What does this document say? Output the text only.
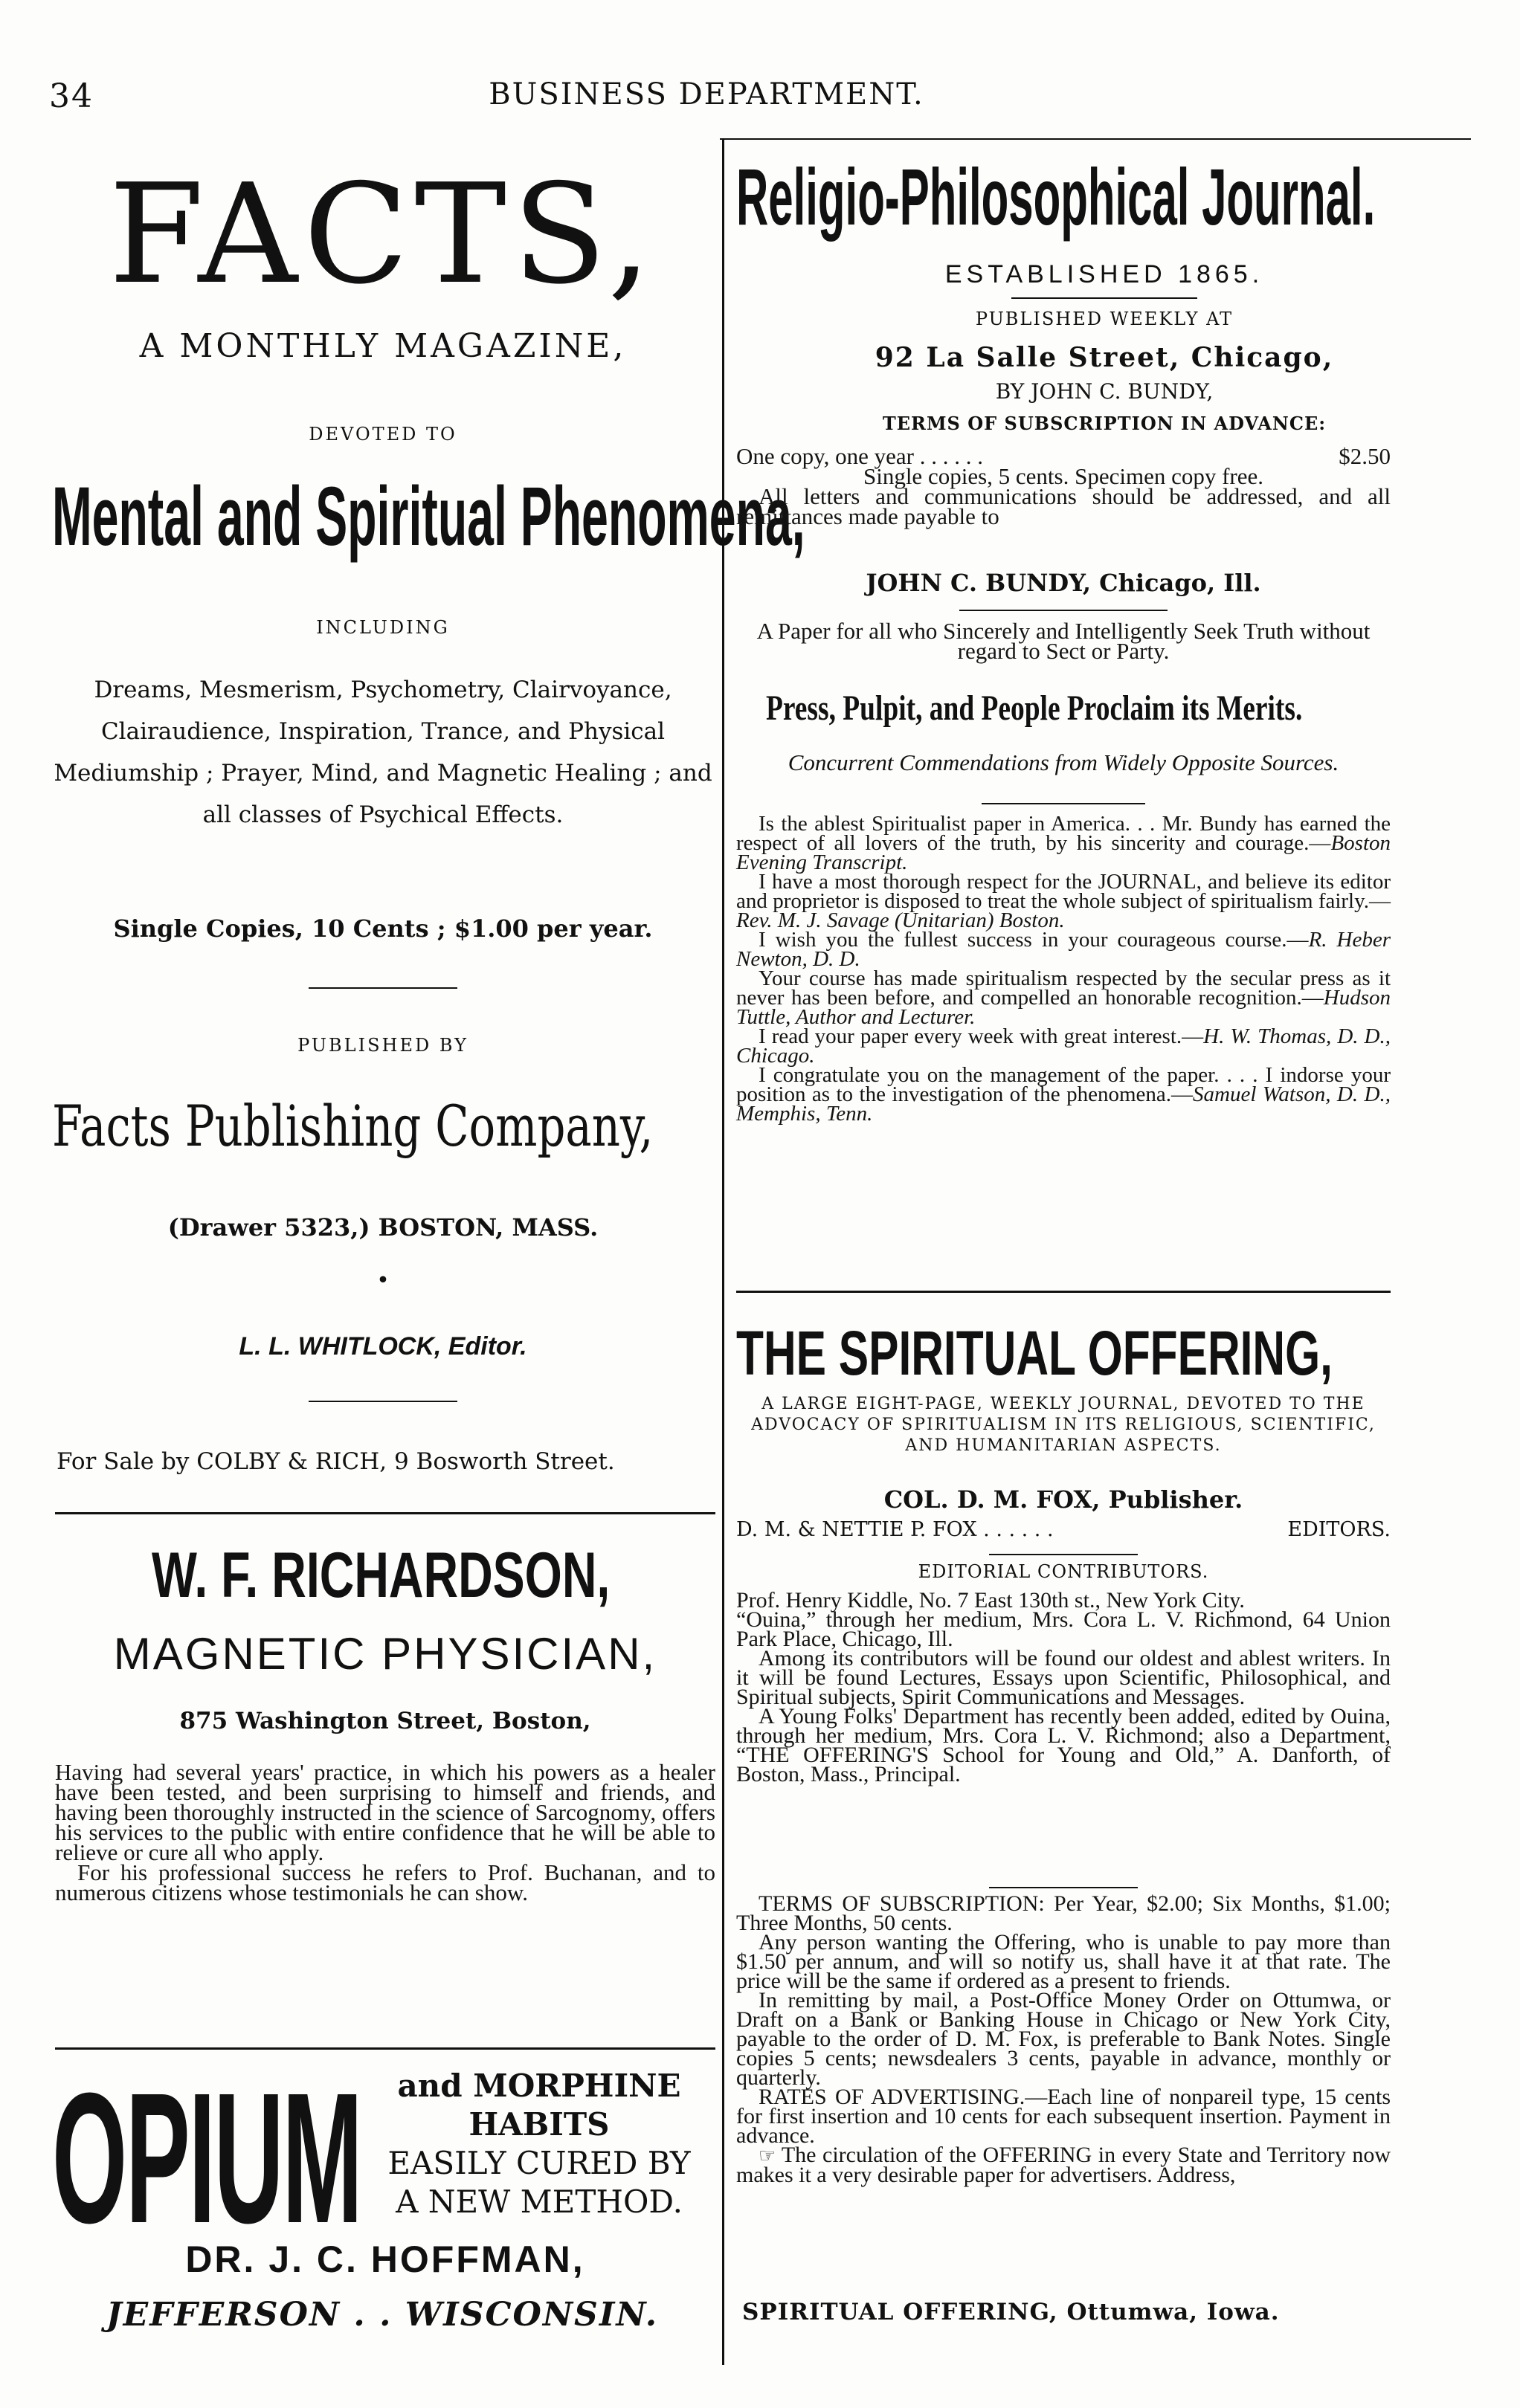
34	BUSINESS DEPARTMENT.
FACTS,
A MONTHLY MAGAZINE,
DEVOTED TO
Mental and Spiritual Phenomena,
INCLUDING
Dreams, Mesmerism, Psychometry, Clairvoyance, Clairaudience, Inspiration, Trance, and Physical Mediumship ; Prayer, Mind, and Magnetic Healing ; and all classes of Psychical Effects.
Single Copies, 10 Cents ; $1.00 per year.
PUBLISHED BY
Facts Publishing Company,
(Drawer 5323,) BOSTON, MASS.
•
L. L. WHITLOCK, Editor.
For Sale by COLBY & RICH, 9 Bosworth Street.
W. F. RICHARDSON,
MAGNETIC PHYSICIAN,
875 Washington Street, Boston,

Having had several years' practice, in which his powers as a healer have been tested, and been surprising to himself and friends, and having been thoroughly instructed in the science of Sarcognomy, offers his services to the public with entire confidence that he will be able to relieve or cure all who apply.

For his professional success he refers to Prof. Buchanan, and to numerous citizens whose testimonials he can show.

OPIUM	and MORPHINE
HABITS
EASILY CURED BY
A NEW METHOD.
DR. J. C. HOFFMAN,
JEFFERSON . . WISCONSIN.
Religio-Philosophical Journal.
ESTABLISHED 1865.
PUBLISHED WEEKLY AT
92 La Salle Street, Chicago,
BY JOHN C. BUNDY,
TERMS OF SUBSCRIPTION IN ADVANCE:
One copy, one year . . . . . .	$2.50
Single copies, 5 cents. Specimen copy free.

All letters and communications should be addressed, and all remittances made payable to

JOHN C. BUNDY, Chicago, Ill.
A Paper for all who Sincerely and Intelligently Seek Truth without regard to Sect or Party.
Press, Pulpit, and People Proclaim its Merits.
Concurrent Commendations from Widely Opposite Sources.

Is the ablest Spiritualist paper in America. . . Mr. Bundy has earned the respect of all lovers of the truth, by his sincerity and courage.—Boston Evening Transcript.

I have a most thorough respect for the JOURNAL, and believe its editor and proprietor is disposed to treat the whole subject of spiritualism fairly.—Rev. M. J. Savage (Unitarian) Boston.

I wish you the fullest success in your courageous course.—R. Heber Newton, D. D.

Your course has made spiritualism respected by the secular press as it never has been before, and compelled an honorable recognition.—Hudson Tuttle, Author and Lecturer.

I read your paper every week with great interest.—H. W. Thomas, D. D., Chicago.

I congratulate you on the management of the paper. . . . I indorse your position as to the investigation of the phenomena.—Samuel Watson, D. D., Memphis, Tenn.

THE SPIRITUAL OFFERING,
A LARGE EIGHT-PAGE, WEEKLY JOURNAL, DEVOTED TO THE ADVOCACY OF SPIRITUALISM IN ITS RELIGIOUS, SCIENTIFIC, AND HUMANITARIAN ASPECTS.
COL. D. M. FOX, Publisher.
D. M. & NETTIE P. FOX . . . . . .	EDITORS.
EDITORIAL CONTRIBUTORS.

Prof. Henry Kiddle, No. 7 East 130th st., New York City.

“Ouina,” through her medium, Mrs. Cora L. V. Richmond, 64 Union Park Place, Chicago, Ill.

Among its contributors will be found our oldest and ablest writers. In it will be found Lectures, Essays upon Scientific, Philosophical, and Spiritual subjects, Spirit Communications and Messages.

A Young Folks' Department has recently been added, edited by Ouina, through her medium, Mrs. Cora L. V. Richmond; also a Department, “THE OFFERING'S School for Young and Old,” A. Danforth, of Boston, Mass., Principal.

TERMS OF SUBSCRIPTION: Per Year, $2.00; Six Months, $1.00; Three Months, 50 cents.

Any person wanting the Offering, who is unable to pay more than $1.50 per annum, and will so notify us, shall have it at that rate. The price will be the same if ordered as a present to friends.

In remitting by mail, a Post-Office Money Order on Ottumwa, or Draft on a Bank or Banking House in Chicago or New York City, payable to the order of D. M. Fox, is preferable to Bank Notes. Single copies 5 cents; newsdealers 3 cents, payable in advance, monthly or quarterly.

RATES OF ADVERTISING.—Each line of nonpareil type, 15 cents for first insertion and 10 cents for each subsequent insertion. Payment in advance.

☞ The circulation of the OFFERING in every State and Territory now makes it a very desirable paper for advertisers. Address,

SPIRITUAL OFFERING, Ottumwa, Iowa.
